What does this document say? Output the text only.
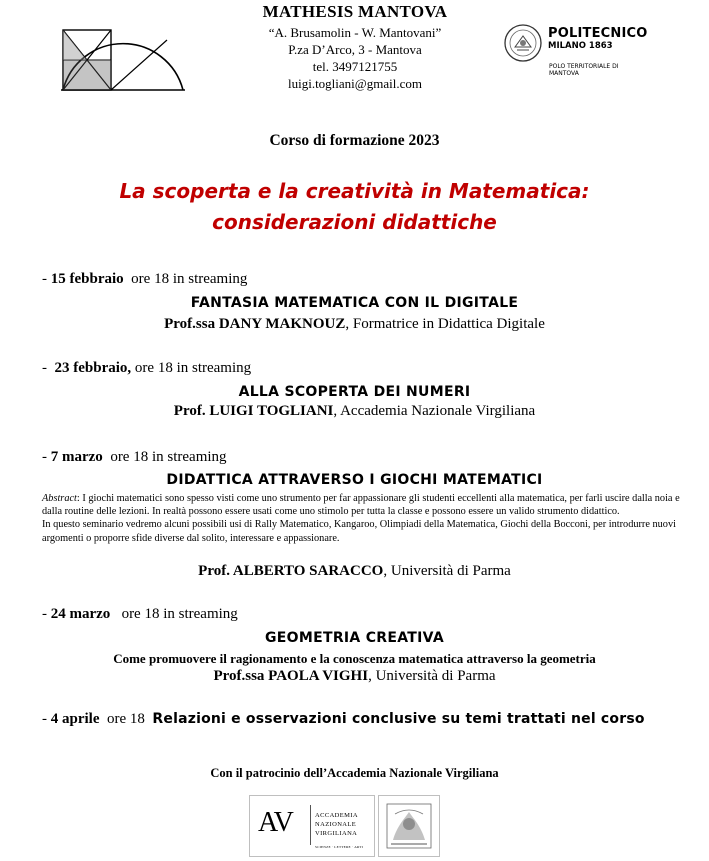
MATHESIS MANTOVA
“A. Brusamolin - W. Mantovani”
P.za D’Arco, 3 - Mantova
tel. 3497121755
luigi.togliani@gmail.com
POLITECNICO
MILANO 1863
POLO TERRITORIALE DI MANTOVA
Corso di formazione 2023
La scoperta e la creatività in Matematica:
considerazioni didattiche
- 15 febbraio  ore 18 in streaming
FANTASIA MATEMATICA CON IL DIGITALE
Prof.ssa DANY MAKNOUZ, Formatrice in Didattica Digitale
-  23 febbraio, ore 18 in streaming
ALLA SCOPERTA DEI NUMERI
Prof. LUIGI TOGLIANI, Accademia Nazionale Virgiliana
- 7 marzo  ore 18 in streaming
DIDATTICA ATTRAVERSO I GIOCHI MATEMATICI

Abstract: I giochi matematici sono spesso visti come uno strumento per far appassionare gli studenti eccellenti alla matematica, per farli uscire dalla noia e dalla routine delle lezioni. In realtà possono essere usati come uno stimolo per tutta la classe e possono essere un valido strumento didattico.

In questo seminario vedremo alcuni possibili usi di Rally Matematico, Kangaroo, Olimpiadi della Matematica, Giochi della Bocconi, per introdurre nuovi argomenti o proporre sfide diverse dal solito, interessare e appassionare.

Prof. ALBERTO SARACCO, Università di Parma
- 24 marzo   ore 18 in streaming
GEOMETRIA CREATIVA
Come promuovere il ragionamento e la conoscenza matematica attraverso la geometria
Prof.ssa PAOLA VIGHI, Università di Parma
- 4 aprile  ore 18  Relazioni e osservazioni conclusive su temi trattati nel corso
Con il patrocinio dell’Accademia Nazionale Virgiliana
AV	ACCADEMIA
NAZIONALE
VIRGILIANA
SCIENZE · LETTERE · ARTI
